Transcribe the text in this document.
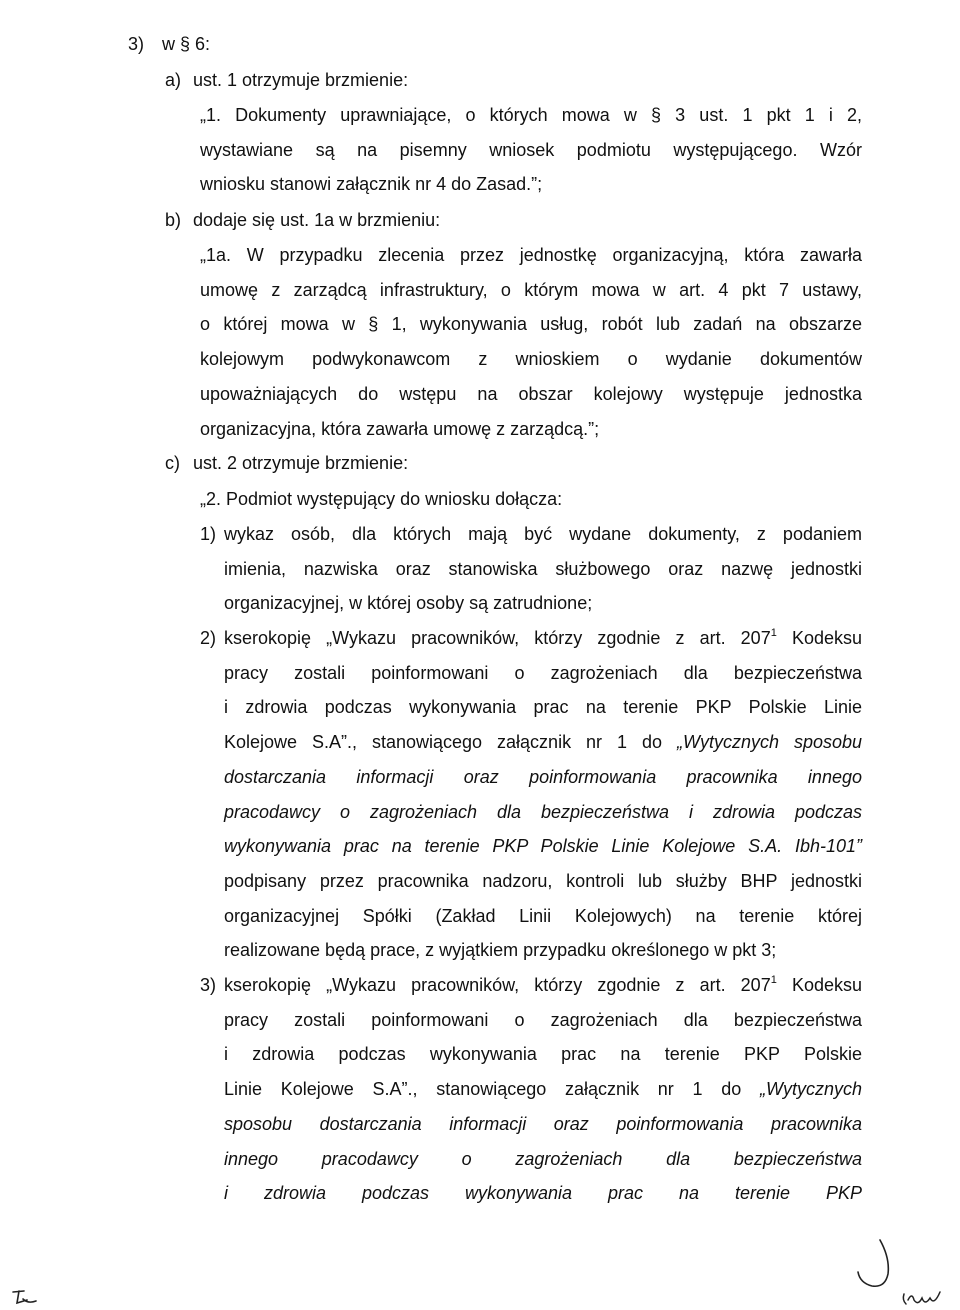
3) w § 6:
a) ust. 1 otrzymuje brzmienie:
„1. Dokumenty uprawniające, o których mowa w § 3 ust. 1 pkt 1 i 2,
wystawiane są na pisemny wniosek podmiotu występującego. Wzór
wniosku stanowi załącznik nr 4 do Zasad.”;
b) dodaje się ust. 1a w brzmieniu:
„1a. W przypadku zlecenia przez jednostkę organizacyjną, która zawarła
umowę z zarządcą infrastruktury, o którym mowa w art. 4 pkt 7 ustawy,
o której mowa w § 1, wykonywania usług, robót lub zadań na obszarze
kolejowym podwykonawcom z wnioskiem o wydanie dokumentów
upoważniających do wstępu na obszar kolejowy występuje jednostka
organizacyjna, która zawarła umowę z zarządcą.”;
c) ust. 2 otrzymuje brzmienie:
„2. Podmiot występujący do wniosku dołącza:
1) wykaz osób, dla których mają być wydane dokumenty, z podaniem
imienia, nazwiska oraz stanowiska służbowego oraz nazwę jednostki
organizacyjnej, w której osoby są zatrudnione;
2) kserokopię „Wykazu pracowników, którzy zgodnie z art. $207^1$ Kodeksu
pracy zostali poinformowani o zagrożeniach dla bezpieczeństwa
i zdrowia podczas wykonywania prac na terenie PKP Polskie Linie
Kolejowe S.A”., stanowiącego załącznik nr 1 do „Wytycznych sposobu
dostarczania informacji oraz poinformowania pracownika innego
pracodawcy o zagrożeniach dla bezpieczeństwa i zdrowia podczas
wykonywania prac na terenie PKP Polskie Linie Kolejowe S.A. Ibh-101”
podpisany przez pracownika nadzoru, kontroli lub służby BHP jednostki
organizacyjnej Spółki (Zakład Linii Kolejowych) na terenie której
realizowane będą prace, z wyjątkiem przypadku określonego w pkt 3;
3) kserokopię „Wykazu pracowników, którzy zgodnie z art. $207^1$ Kodeksu
pracy zostali poinformowani o zagrożeniach dla bezpieczeństwa
i zdrowia podczas wykonywania prac na terenie PKP Polskie
Linie Kolejowe S.A”., stanowiącego załącznik nr 1 do „Wytycznych
sposobu dostarczania informacji oraz poinformowania pracownika
innego pracodawcy o zagrożeniach dla bezpieczeństwa
i zdrowia podczas wykonywania prac na terenie PKP
